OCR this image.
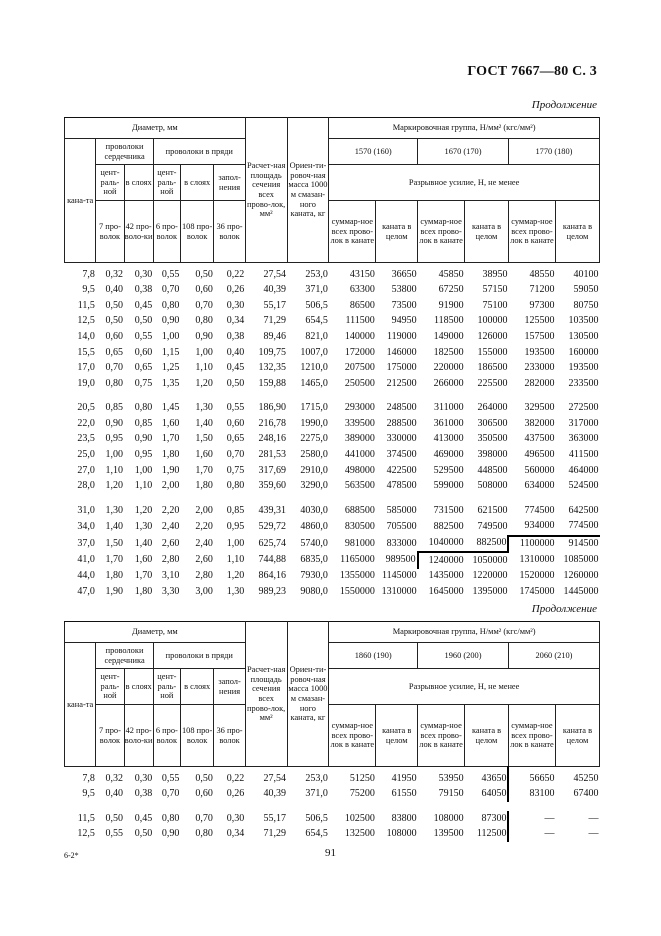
ГОСТ 7667—80 С. 3
Продолжение
Диаметр, мм						Расчет-ная площадь сечения всех прово-лок, мм²	Ориен-ти-ровоч-ная масса 1000 м смазан-ного каната, кг	Маркировочная группа, Н/мм² (кгс/мм²)					
кана-та	проволоки сердечника		проволоки в пряди					1570 (160)		1670 (170)		1770 (180)	
	цент-раль-ной	в слоях	цент-раль-ной	в слоях	запол-нения			Разрывное усилие, Н, не менее					
	7 про-волок	42 про-воло-ки	6 про-волок	108 про-волок	36 про-волок			суммар-ное всех прово-лок в канате	каната в целом	суммар-ное всех прово-лок в канате	каната в целом	суммар-ное всех прово-лок в канате	каната в целом
7,8	0,32	0,30	0,55	0,50	0,22	27,54	253,0	43150	36650	45850	38950	48550	40100
9,5	0,40	0,38	0,70	0,60	0,26	40,39	371,0	63300	53800	67250	57150	71200	59050
11,5	0,50	0,45	0,80	0,70	0,30	55,17	506,5	86500	73500	91900	75100	97300	80750
12,5	0,50	0,50	0,90	0,80	0,34	71,29	654,5	111500	94950	118500	100000	125500	103500
14,0	0,60	0,55	1,00	0,90	0,38	89,46	821,0	140000	119000	149000	126000	157500	130500
15,5	0,65	0,60	1,15	1,00	0,40	109,75	1007,0	172000	146000	182500	155000	193500	160000
17,0	0,70	0,65	1,25	1,10	0,45	132,35	1210,0	207500	175000	220000	186500	233000	193500
19,0	0,80	0,75	1,35	1,20	0,50	159,88	1465,0	250500	212500	266000	225500	282000	233500

20,5	0,85	0,80	1,45	1,30	0,55	186,90	1715,0	293000	248500	311000	264000	329500	272500
22,0	0,90	0,85	1,60	1,40	0,60	216,78	1990,0	339500	288500	361000	306500	382000	317000
23,5	0,95	0,90	1,70	1,50	0,65	248,16	2275,0	389000	330000	413000	350500	437500	363000
25,0	1,00	0,95	1,80	1,60	0,70	281,53	2580,0	441000	374500	469000	398000	496500	411500
27,0	1,10	1,00	1,90	1,70	0,75	317,69	2910,0	498000	422500	529500	448500	560000	464000
28,0	1,20	1,10	2,00	1,80	0,80	359,60	3290,0	563500	478500	599000	508000	634000	524500

31,0	1,30	1,20	2,20	2,00	0,85	439,31	4030,0	688500	585000	731500	621500	774500	642500
34,0	1,40	1,30	2,40	2,20	0,95	529,72	4860,0	830500	705500	882500	749500	934000	774500
37,0	1,50	1,40	2,60	2,40	1,00	625,74	5740,0	981000	833000	1040000	882500	1100000	914500
41,0	1,70	1,60	2,80	2,60	1,10	744,88	6835,0	1165000	989500	1240000	1050000	1310000	1085000
44,0	1,80	1,70	3,10	2,80	1,20	864,16	7930,0	1355000	1145000	1435000	1220000	1520000	1260000
47,0	1,90	1,80	3,30	3,00	1,30	989,23	9080,0	1550000	1310000	1645000	1395000	1745000	1445000
Продолжение
Диаметр, мм						Расчет-ная площадь сечения всех прово-лок, мм²	Ориен-ти-ровоч-ная масса 1000 м смазан-ного каната, кг	Маркировочная группа, Н/мм² (кгс/мм²)					
кана-та	проволоки сердечника		проволоки в пряди					1860 (190)		1960 (200)		2060 (210)	
	цент-раль-ной	в слоях	цент-раль-ной	в слоях	запол-нения			Разрывное усилие, Н, не менее					
	7 про-волок	42 про-воло-ки	6 про-волок	108 про-волок	36 про-волок			суммар-ное всех прово-лок в канате	каната в целом	суммар-ное всех прово-лок в канате	каната в целом	суммар-ное всех прово-лок в канате	каната в целом
7,8	0,32	0,30	0,55	0,50	0,22	27,54	253,0	51250	41950	53950	43650	56650	45250
9,5	0,40	0,38	0,70	0,60	0,26	40,39	371,0	75200	61550	79150	64050	83100	67400

11,5	0,50	0,45	0,80	0,70	0,30	55,17	506,5	102500	83800	108000	87300	—	—
12,5	0,55	0,50	0,90	0,80	0,34	71,29	654,5	132500	108000	139500	112500	—	—
6-2*	91
